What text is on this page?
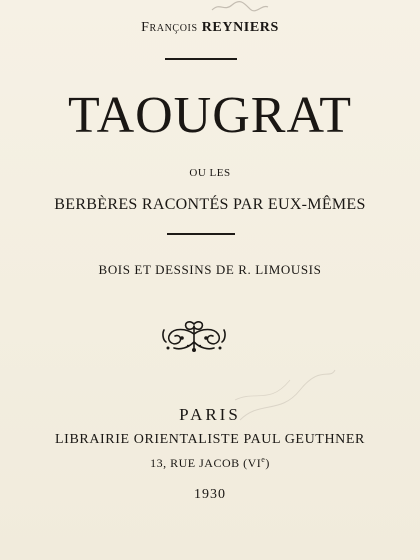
François REYNIERS
TAOUGRAT
OU LES
BERBÈRES RACONTÉS PAR EUX-MÊMES
BOIS ET DESSINS DE R. LIMOUSIS
PARIS
LIBRAIRIE ORIENTALISTE PAUL GEUTHNER
13, RUE JACOB (VIe)
1930
